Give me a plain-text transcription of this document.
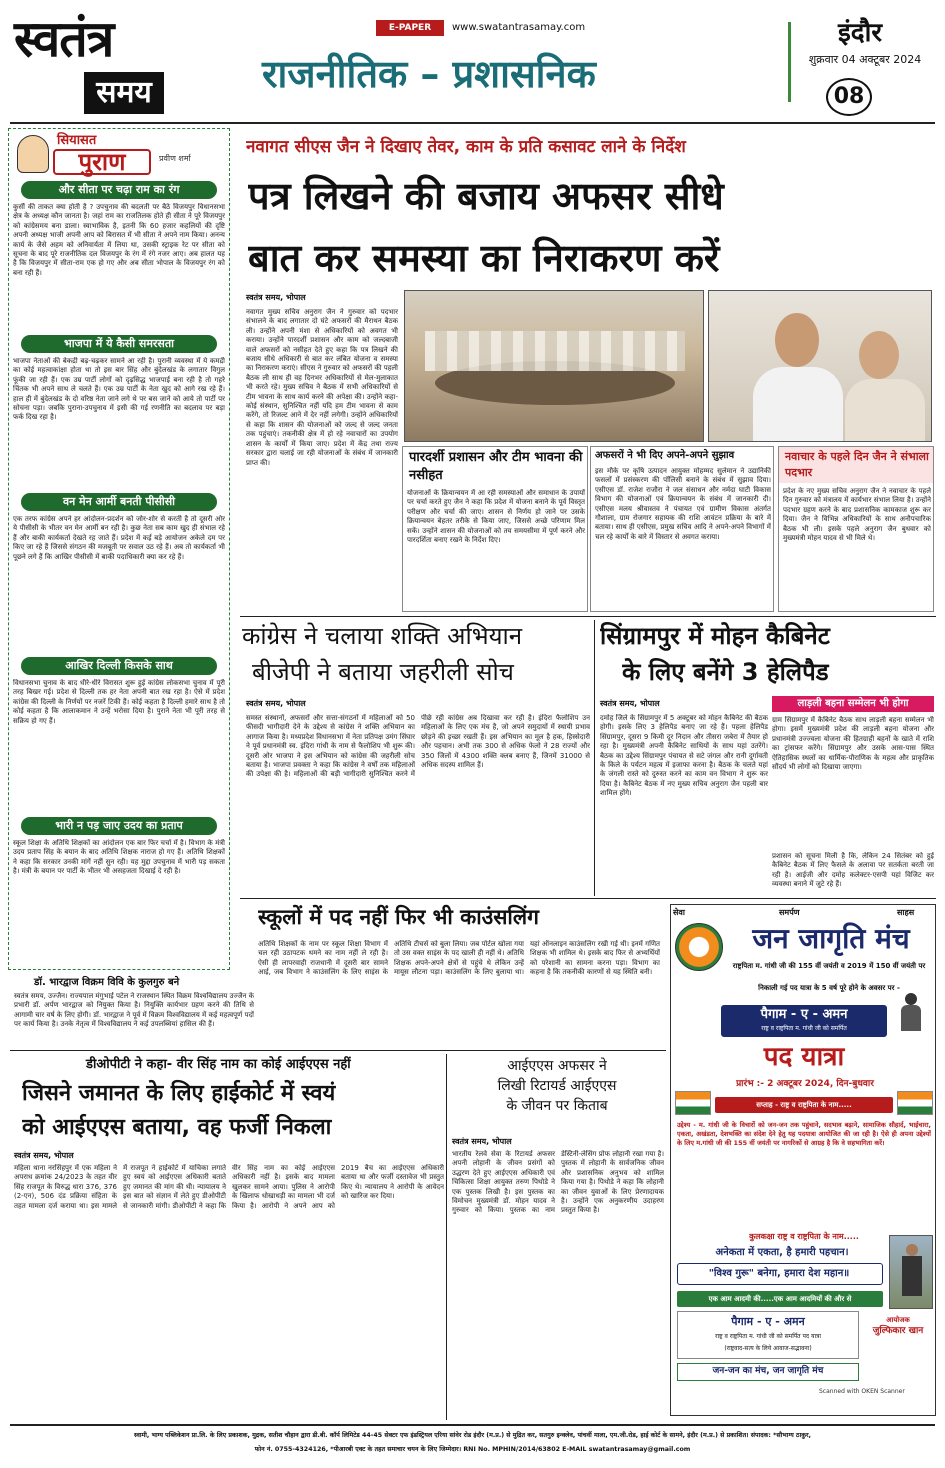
स्वतंत्र
समय
E-PAPER	www.swatantrasamay.com
राजनीतिक – प्रशासनिक
इंदौर
शुक्रवार 04 अक्टूबर 2024
08
सियासत
पुराण	प्रवीण शर्मा
और सीता पर चढ़ा राम का रंग
कुर्सी की ताकत क्या होती है ? उपचुनाव की बदलती पर बैठे विजयपुर विधानसभा क्षेत्र के अध्यक्ष कौन जानता है। जहां राम का राजतिलक होते ही सीता ने पूरे विजयपुर को कांग्रेसमय बना डाला। स्वाभाविक है, इतनी कि 60 हजार कहलियों की दृष्टि अपनी अध्यक्ष भाजी अपनी आप को बिरासत में भी सीता ने अपने नाम किया। अनन्य कार्य के जैसे अहम को अनिवार्यता में लिया था, उसकी स्ट्राइक रेट पर सीता को सूचना के बाद पूरे राजनीतिक दल विजयपुर के रंग में रंगे नजर आए। अब हालत यह है कि विजयपुर में सीता-राम एक हो गए और अब सीता भोपाल के विजयपुर रंग को बना रही हैं।
भाजपा में ये कैसी समरसता
भाजपा नेताओं की बेकद्री बढ़-चढ़कर सामने आ रही है। पुरानी व्यवस्था में ये कमद्री का कोई महत्वाकांक्षा होता था तो इस बार सिंह और बुंदेलखंड के लगातार विगुल फूंकी जा रही हैं। एक उम्र पार्टी लोगों को दृढ़सिद्ध भाजपाई बना रही है तो गहरे चिंतक भी अपने साथ ले चलते हैं। एक उम्र पार्टी के नेता खुद को आगे रख रहे हैं। हाल ही में बुंदेलखंड के दो वरिष्ठ नेता जाने लगे थे पर बस जाने को आये तो पार्टी पर सोचना पड़ा। जबकि पुराना-उपचुनाव में इसी की गई रणनीति का बदलाव पर बड़ा फर्क दिख रहा है।
वन मेन आर्मी बनती पीसीसी
एक तरफ कांग्रेस अपने हर आंदोलन-प्रदर्शन को जोर-शोर से करती है तो दूसरी ओर ये पीसीसी के भीतर वन मेन आर्मी बन रही है। कुछ नेता सब काम खुद ही संभाल रहे हैं और बाकी कार्यकर्ता देखते रह जाते हैं। प्रदेश में कई बड़े आयोजन अकेले दम पर किए जा रहे हैं जिससे संगठन की मजबूती पर सवाल उठ रहे हैं। अब तो कार्यकर्ता भी पूछने लगे हैं कि आखिर पीसीसी में बाकी पदाधिकारी क्या कर रहे हैं।
आखिर दिल्ली किसके साथ
विधानसभा चुनाव के बाद धीरे-धीरे विरासत शुरू हुई कांग्रेस लोकसभा चुनाव में पूरी तरह बिखर गई। प्रदेश से दिल्ली तक हर नेता अपनी बात रख रहा है। ऐसे में प्रदेश कांग्रेस की दिल्ली के निर्णयों पर नजरें टिकी हैं। कोई कहता है दिल्ली हमारे साथ है तो कोई कहता है कि आलाकमान ने उन्हें भरोसा दिया है। पुराने नेता भी पूरी तरह से सक्रिय हो गए हैं।
भारी न पड़ जाए उदय का प्रताप
स्कूल शिक्षा के अतिथि शिक्षकों का आंदोलन एक बार फिर चर्चा में है। विभाग के मंत्री उदय प्रताप सिंह के बयान के बाद अतिथि शिक्षक नाराज हो गए हैं। अतिथि शिक्षकों ने कहा कि सरकार उनकी मांगें नहीं सुन रही। यह मुद्दा उपचुनाव में भारी पड़ सकता है। मंत्री के बयान पर पार्टी के भीतर भी असहजता दिखाई दे रही है।
नवागत सीएस जैन ने दिखाए तेवर, काम के प्रति कसावट लाने के निर्देश
पत्र लिखने की बजाय अफसर सीधे
बात कर समस्या का निराकरण करें
स्वतंत्र समय, भोपाल
नवागत मुख्य सचिव अनुराग जैन ने गुरुवार को पदभार संभालने के बाद लगातार दो घंटे अफसरों की मैराथन बैठक ली। उन्होंने अपनी मंशा से अधिकारियों को अवगत भी कराया। उन्होंने पारदर्शी प्रशासन और काम को जल्दबाजी वाले अफसरों को नसीहत देते हुए कहा कि पत्र लिखने की बजाय सीधे अधिकारी से बात कर लंबित योजना व समस्या का निराकरण कराएं। सीएस ने गुरुवार को अफसरों की पहली बैठक ली साथ ही वह दिनभर अधिकारियों से मेल-मुलाकात भी करते रहे। मुख्य सचिव ने बैठक में सभी अधिकारियों से टीम भावना के साथ कार्य करने की अपेक्षा की। उन्होंने कहा-कोई संस्थान, सुनिश्चित नहीं यदि हम टीम भावना से काम करेंगे, तो रिजल्ट आने में देर नहीं लगेगी। उन्होंने अधिकारियों से कहा कि शासन की योजनाओं को जल्द से जल्द जनता तक पहुंचाएं। तकनीकी क्षेत्र में हो रहे नवाचारों का उपयोग शासन के कार्यों में किया जाए। प्रदेश में केंद्र तथा राज्य सरकार द्वारा चलाई जा रही योजनाओं के संबंध में जानकारी प्राप्त की।	पारदर्शी प्रशासन और टीम भावना की नसीहत
योजनाओं के क्रियान्वयन में आ रही समस्याओं और समाधान के उपायों पर चर्चा करते हुए जैन ने कहा कि प्रदेश में योजना बनाने के पूर्व विस्तृत परीक्षण और चर्चा की जाए। शासन से निर्णय हो जाने पर उसके क्रियान्वयन बेहतर तरीके से किया जाए, जिससे अच्छे परिणाम मिल सकें। उन्होंने शासन की योजनाओं को तय समयसीमा में पूर्ण करने और पारदर्शिता बनाए रखने के निर्देश दिए।
अफसरों ने भी दिए अपने-अपने सुझाव
इस मौके पर कृषि उत्पादन आयुक्त मोहम्मद सुलेमान ने उद्यानिकी फसलों में प्रसंस्करण की पॉलिसी बनाने के संबंध में सुझाव दिया। एसीएस डॉ. राजेश राजौरा ने जल संसाधन और नर्मदा घाटी विकास विभाग की योजनाओं एवं क्रियान्वयन के संबंध में जानकारी दी। एसीएस मलय श्रीवास्तव ने पंचायत एवं ग्रामीण विकास अंतर्गत गौशाला, ग्राम रोजगार सहायक की राशि आवंटन प्रक्रिया के बारे में बताया। साथ ही एसीएस, प्रमुख सचिव आदि ने अपने-अपने विभागों में चल रहे कार्यों के बारे में विस्तार से अवगत कराया।
नवाचार के पहले दिन जैन ने संभाला पदभार
प्रदेश के नए मुख्य सचिव अनुराग जैन ने नवाचार के पहले दिन गुरुवार को मंत्रालय में कार्यभार संभाल लिया है। उन्होंने पदभार ग्रहण करने के बाद प्रशासनिक कामकाज शुरू कर दिया। जैन ने विभिन्न अधिकारियों के साथ अनौपचारिक बैठक भी ली। इसके पहले अनुराग जैन बुधवार को मुख्यमंत्री मोहन यादव से भी मिले थे।
कांग्रेस ने चलाया शक्ति अभियान
बीजेपी ने बताया जहरीली सोच
स्वतंत्र समय, भोपाल
समस्त संस्थानों, अफसरों और सत्ता-संगठनों में महिलाओं को 50 फीसदी भागीदारी देने के उद्देश्य से कांग्रेस ने शक्ति अभियान का आगाज किया है। मध्यप्रदेश विधानसभा में नेता प्रतिपक्ष उमंग सिंघार ने पूर्व प्रधानमंत्री स्व. इंदिरा गांधी के नाम से फैलोशिप भी शुरू की। दूसरी ओर भाजपा ने इस अभियान को कांग्रेस की जहरीली सोच बताया है। भाजपा प्रवक्ता ने कहा कि कांग्रेस ने वर्षों तक महिलाओं की उपेक्षा की है। महिलाओं की बड़ी भागीदारी सुनिश्चित करने में पीछे रही कांग्रेस अब दिखावा कर रही है। इंदिरा फैलोशिप उन महिलाओं के लिए एक मंच है, जो अपने समुदायों में स्थायी प्रभाव छोड़ने की इच्छा रखती हैं। इस अभियान का मूल है हक, हिस्सेदारी और पहचान। अभी तक 300 से अधिक फेलो ने 28 राज्यों और 350 जिलों में 4300 शक्ति क्लब बनाए हैं, जिनमें 31000 से अधिक सदस्य शामिल हैं।
सिंग्रामपुर में मोहन कैबिनेट
के लिए बनेंगे 3 हेलिपैड
स्वतंत्र समय, भोपाल
दमोह जिले के सिंग्रामपुर में 5 अक्टूबर को मोहन कैबिनेट की बैठक होगी। इसके लिए 3 हेलिपैड बनाए जा रहे हैं। पहला हेलिपैड सिंग्रामपुर, दूसरा 9 किमी दूर निदान और तीसरा जबेरा में तैयार हो रहा है। मुख्यमंत्री अपनी कैबिनेट साथियों के साथ यहां उतरेंगे। बैठक का उद्देश्य सिंग्रामपुर पंचायत से सटे जंगल और रानी दुर्गावती के किले के पर्यटन महत्व में इजाफा करना है। बैठक के चलते यहां के जंगली रास्ते को दुरुस्त करने का काम वन विभाग ने शुरू कर दिया है। कैबिनेट बैठक में नए मुख्य सचिव अनुराग जैन पहली बार शामिल होंगे।
लाड़ली बहना सम्मेलन भी होगा
ग्राम सिंग्रामपुर में कैबिनेट बैठक साथ लाड़ली बहना सम्मेलन भी होगा। इसमें मुख्यमंत्री प्रदेश की लाड़ली बहना योजना और प्रधानमंत्री उज्ज्वला योजना की हितग्राही बहनों के खाते में राशि का ट्रांसफर करेंगे। सिंग्रामपुर और उसके आस-पास स्थित ऐतिहासिक स्थलों का धार्मिक-पौराणिक के महत्व और प्राकृतिक सौंदर्य भी लोगों को दिखाया जाएगा।
प्रशासन को सूचना मिली है कि, लेकिन 24 सितंबर को हुई कैबिनेट बैठक में लिए फैसले के अलावा पर सतर्कता बरती जा रही है। आईजी और दमोह कलेक्टर-एसपी यहां विजिट कर व्यवस्था बनाने में जुटे रहे हैं।
स्कूलों में पद नहीं फिर भी काउंसलिंग
अतिथि शिक्षकों के नाम पर स्कूल शिक्षा विभाग में चल रही उठापटक थमने का नाम नहीं ले रही है। ऐसी ही लापरवाही राजधानी में दूसरी बार सामने आई, जब विभाग ने काउंसलिंग के लिए साइंस के अतिथि टीचर्स को बुला लिया। जब पोर्टल खोला गया तो उस वक्त साइंस के पद खाली ही नहीं थे। अतिथि शिक्षक अपने-अपने क्षेत्रों से पहुंचे थे लेकिन उन्हें मायूस लौटना पड़ा। काउंसलिंग के लिए बुलाया था। यहां ऑनलाइन काउंसलिंग रखी गई थी। इनमें गणित शिक्षक भी शामिल थे। इसके बाद फिर से अभ्यर्थियों को परेशानी का सामना करना पड़ा। विभाग का कहना है कि तकनीकी कारणों से यह स्थिति बनी।
डॉ. भारद्वाज विक्रम विवि के कुलगुरु बने
स्वतंत्र समय, उज्जैन। राज्यपाल मंगुभाई पटेल ने राजस्थान स्थित विक्रम विश्वविद्यालय उज्जैन के प्रभारी डॉ. अर्पण भारद्वाज को नियुक्त किया है। नियुक्ति कार्यभार ग्रहण करने की तिथि से आगामी चार वर्ष के लिए होगी। डॉ. भारद्वाज ने पूर्व में विक्रम विश्वविद्यालय में कई महत्वपूर्ण पदों पर कार्य किया है। उनके नेतृत्व में विश्वविद्यालय ने कई उपलब्धियां हासिल की हैं।
डीओपीटी ने कहा- वीर सिंह नाम का कोई आईएएस नहीं
जिसने जमानत के लिए हाईकोर्ट में स्वयं
को आईएएस बताया, वह फर्जी निकला
स्वतंत्र समय, भोपाल
महिला थाना नरसिंहपुर में एक महिला ने अपराध क्रमांक 24/2023 के तहत वीर सिंह राजपूत के विरुद्ध धारा 376, 376 (2-एन), 506 दंड प्रक्रिया संहिता के तहत मामला दर्ज कराया था। इस मामले में राजपूत ने हाईकोर्ट में याचिका लगाते हुए स्वयं को आईएएस अधिकारी बताते हुए जमानत की मांग की थी। न्यायालय ने इस बात को संज्ञान में लेते हुए डीओपीटी से जानकारी मांगी। डीओपीटी ने कहा कि वीर सिंह नाम का कोई आईएएस अधिकारी नहीं है। इसके बाद मामला खुलकर सामने आया। पुलिस ने आरोपी के खिलाफ धोखाधड़ी का मामला भी दर्ज किया है। आरोपी ने अपने आप को 2019 बैच का आईएएस अधिकारी बताया था और फर्जी दस्तावेज भी प्रस्तुत किए थे। न्यायालय ने आरोपी के आवेदन को खारिज कर दिया।
आईएएस अफसर ने
लिखी रिटायर्ड आईएएस
के जीवन पर किताब
स्वतंत्र समय, भोपाल
भारतीय रेलवे सेवा के रिटायर्ड अफसर अपनी लोहानी के जीवन प्रसंगों को उद्धरण देते हुए आईएएस अधिकारी एवं चिकित्सा शिक्षा आयुक्त तरुण पिथोडे ने एक पुस्तक लिखी है। इस पुस्तक का विमोचन मुख्यमंत्री डॉ. मोहन यादव ने गुरुवार को किया। पुस्तक का नाम डेस्टिनी-लेसिंग प्रोफ लोहानी रखा गया है। पुस्तक में लोहानी के सार्वजनिक जीवन और प्रशासनिक अनुभव को शामिल किया गया है। पिथोडे ने कहा कि लोहानी का जीवन युवाओं के लिए प्रेरणादायक है। उन्होंने एक अनुकरणीय उदाहरण प्रस्तुत किया है।
सेवा	समर्पण	साहस
जन जागृति मंच
राष्ट्रपिता म. गांधी जी की 155 वीं जयंती व 2019 में 150 वीं जयंती पर
निकाली गई पद यात्रा के 5 वर्ष पूरे होने के अवसर पर -
पैगाम - ए - अमन
राष्ट्र व राष्ट्रपिता म. गांधी जी को समर्पित
पद यात्रा
प्रारंभ :- 2 अक्टूबर 2024, दिन-बुधवार
सप्ताह - राष्ट्र व राष्ट्रपिता के नाम.....
उद्देश्य - म. गांधी जी के विचारों को जन-जन तक पहुंचाने, सदभाव बढ़ाने, सामाजिक सौहार्द, भाईचारा, एकता, अखंडता, देशभक्ति का संदेश देने हेतु यह पदयात्रा आयोजित की जा रही है। ऐसे ही अपना उद्देश्यों के लिए म.गांधी जी की 155 वीं जयंती पर नागरिकों से आग्रह है कि वे सहभागिता करें।
कुलकक्षा राष्ट्र व राष्ट्रपिता के नाम.....
अनेकता में एकता, है हमारी पहचान।
"विश्व गुरू" बनेगा, हमारा देश महान॥
एक आम आदमी की.....एक आम आदमियों की और से
पैगाम - ए - अमन
राष्ट्र व राष्ट्रपिता म. गांधी जी को समर्पित पद यात्रा
(राष्ट्रवाद-सत्य के लिये आवाज-सद्भावना)
आयोजक
जुल्फिकार खान
जन-जन का मंच, जन जागृति मंच
Scanned with OKEN Scanner
स्वामी, भाग्य पब्लिकेशन प्रा.लि. के लिए प्रकाशक, मुद्रक, सतीश चौहान द्वारा डी.बी. कॉर्प लिमिटेड 44-45 सेक्टर एफ इंडस्ट्रियल एरिया सांवेर रोड इंदौर (म.प्र.) से मुद्रित कर, सतगुरु इन्क्लेव, पांचवीं माला, एम.जी.रोड, हाई कोर्ट के सामने, इंदौर (म.प्र.) से प्रकाशित। संपादक: *सौभाग्य ठाकुर,
फोन नं. 0755-4324126, *पीआरबी एक्ट के तहत समाचार चयन के लिए जिम्मेदार। RNI No. MPHIN/2014/63802 E-MAIL swatantrasamay@gmail.com
